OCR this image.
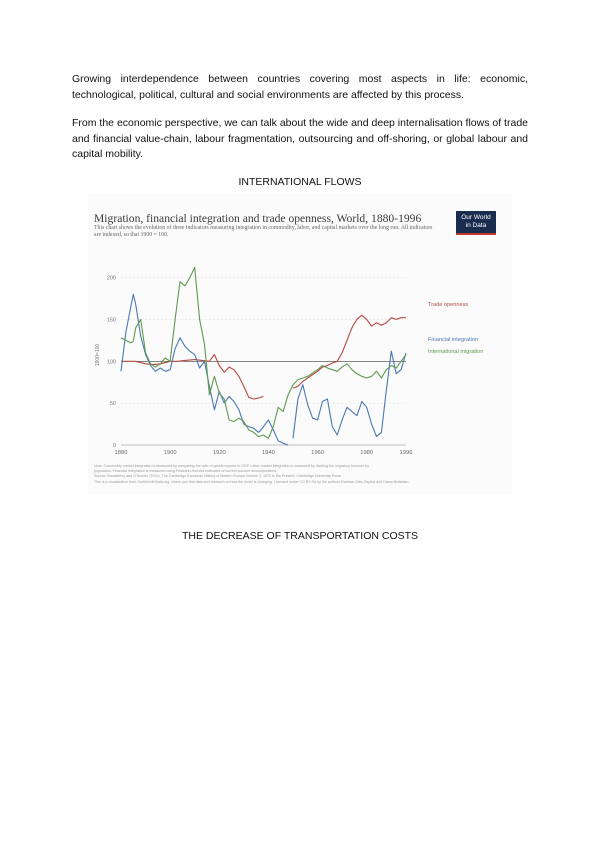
Growing interdependence between countries covering most aspects in life: economic, technological, political, cultural and social environments are affected by this process.
From the economic perspective, we can talk about the wide and deep internalisation flows of trade and financial value-chain, labour fragmentation, outsourcing and off-shoring, or global labour and capital mobility.
INTERNATIONAL FLOWS
Migration, financial integration and trade openness, World, 1880-1996
This chart shows the evolution of three indicators measuring integration in commodity, labor, and capital markets over the long run. All indicators are indexed, so that 1900 = 100.
Our World
in Data
0
50
100
150
200
1880	1900	1920	1940	1960	1980	1996
1900=100
Trade openness
Financial integration
International migration
Note: Commodity market integration is measured by comparing the ratio of goods exports to GDP. Labor market integration is measured by dividing the migratory turnover by
population. Financial integration is measured using Feldstein-Horioka estimates of current account decompositions.
Source: Broadberry and O'Rourke (2010), The Cambridge Economic History of Modern Europe Volume 2, 1870 to the Present. Cambridge University Press
This is a visualization from OurWorldInData.org, where you find data and research on how the world is changing. Licensed under CC-BY-SA by the authors Esteban Ortiz-Ospina and Diana Beltekian.
THE DECREASE OF TRANSPORTATION COSTS
